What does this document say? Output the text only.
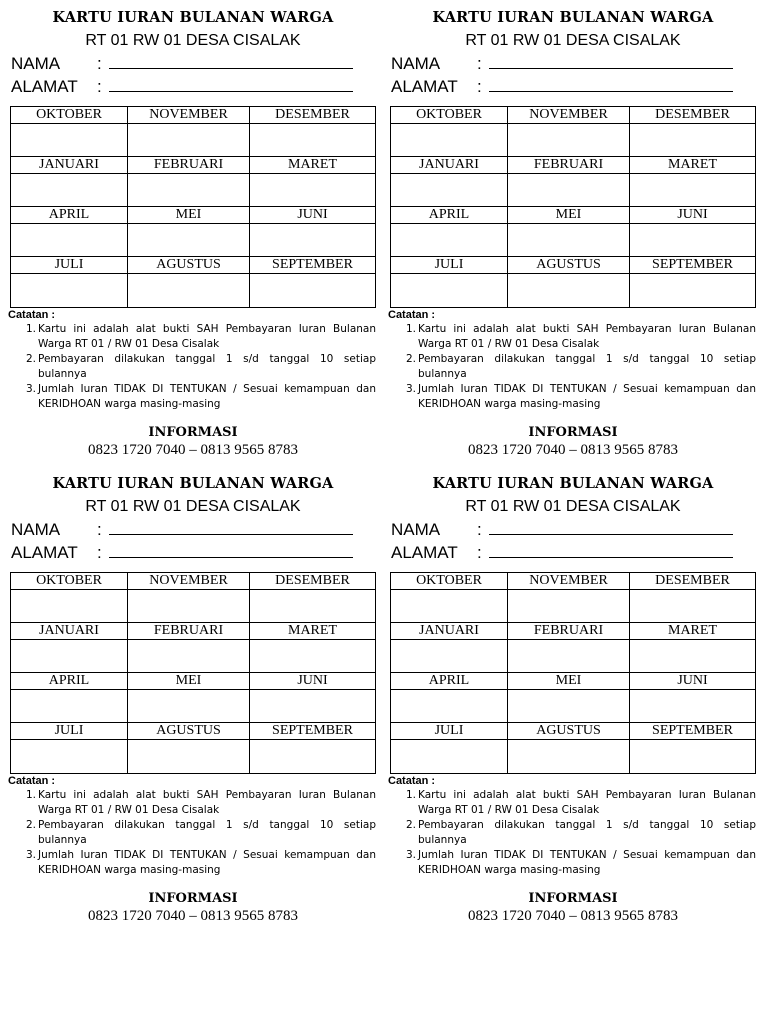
KARTU IURAN BULANAN WARGA
RT 01 RW 01 DESA CISALAK
NAMA :
ALAMAT :
OKTOBER	NOVEMBER	DESEMBER
JANUARI	FEBRUARI	MARET
APRIL	MEI	JUNI
JULI	AGUSTUS	SEPTEMBER
Catatan :
1. Kartu ini adalah alat bukti SAH Pembayaran Iuran Bulanan Warga RT 01 / RW 01 Desa Cisalak
2. Pembayaran dilakukan tanggal 1 s/d tanggal 10 setiap bulannya
3. Jumlah Iuran TIDAK DI TENTUKAN / Sesuai kemampuan dan KERIDHOAN warga masing-masing
INFORMASI
0823 1720 7040 – 0813 9565 8783
KARTU IURAN BULANAN WARGA
RT 01 RW 01 DESA CISALAK
NAMA :
ALAMAT :
OKTOBER	NOVEMBER	DESEMBER
JANUARI	FEBRUARI	MARET
APRIL	MEI	JUNI
JULI	AGUSTUS	SEPTEMBER
Catatan :
1. Kartu ini adalah alat bukti SAH Pembayaran Iuran Bulanan Warga RT 01 / RW 01 Desa Cisalak
2. Pembayaran dilakukan tanggal 1 s/d tanggal 10 setiap bulannya
3. Jumlah Iuran TIDAK DI TENTUKAN / Sesuai kemampuan dan KERIDHOAN warga masing-masing
INFORMASI
0823 1720 7040 – 0813 9565 8783
KARTU IURAN BULANAN WARGA
RT 01 RW 01 DESA CISALAK
NAMA :
ALAMAT :
OKTOBER	NOVEMBER	DESEMBER
JANUARI	FEBRUARI	MARET
APRIL	MEI	JUNI
JULI	AGUSTUS	SEPTEMBER
Catatan :
1. Kartu ini adalah alat bukti SAH Pembayaran Iuran Bulanan Warga RT 01 / RW 01 Desa Cisalak
2. Pembayaran dilakukan tanggal 1 s/d tanggal 10 setiap bulannya
3. Jumlah Iuran TIDAK DI TENTUKAN / Sesuai kemampuan dan KERIDHOAN warga masing-masing
INFORMASI
0823 1720 7040 – 0813 9565 8783
KARTU IURAN BULANAN WARGA
RT 01 RW 01 DESA CISALAK
NAMA :
ALAMAT :
OKTOBER	NOVEMBER	DESEMBER
JANUARI	FEBRUARI	MARET
APRIL	MEI	JUNI
JULI	AGUSTUS	SEPTEMBER
Catatan :
1. Kartu ini adalah alat bukti SAH Pembayaran Iuran Bulanan Warga RT 01 / RW 01 Desa Cisalak
2. Pembayaran dilakukan tanggal 1 s/d tanggal 10 setiap bulannya
3. Jumlah Iuran TIDAK DI TENTUKAN / Sesuai kemampuan dan KERIDHOAN warga masing-masing
INFORMASI
0823 1720 7040 – 0813 9565 8783
